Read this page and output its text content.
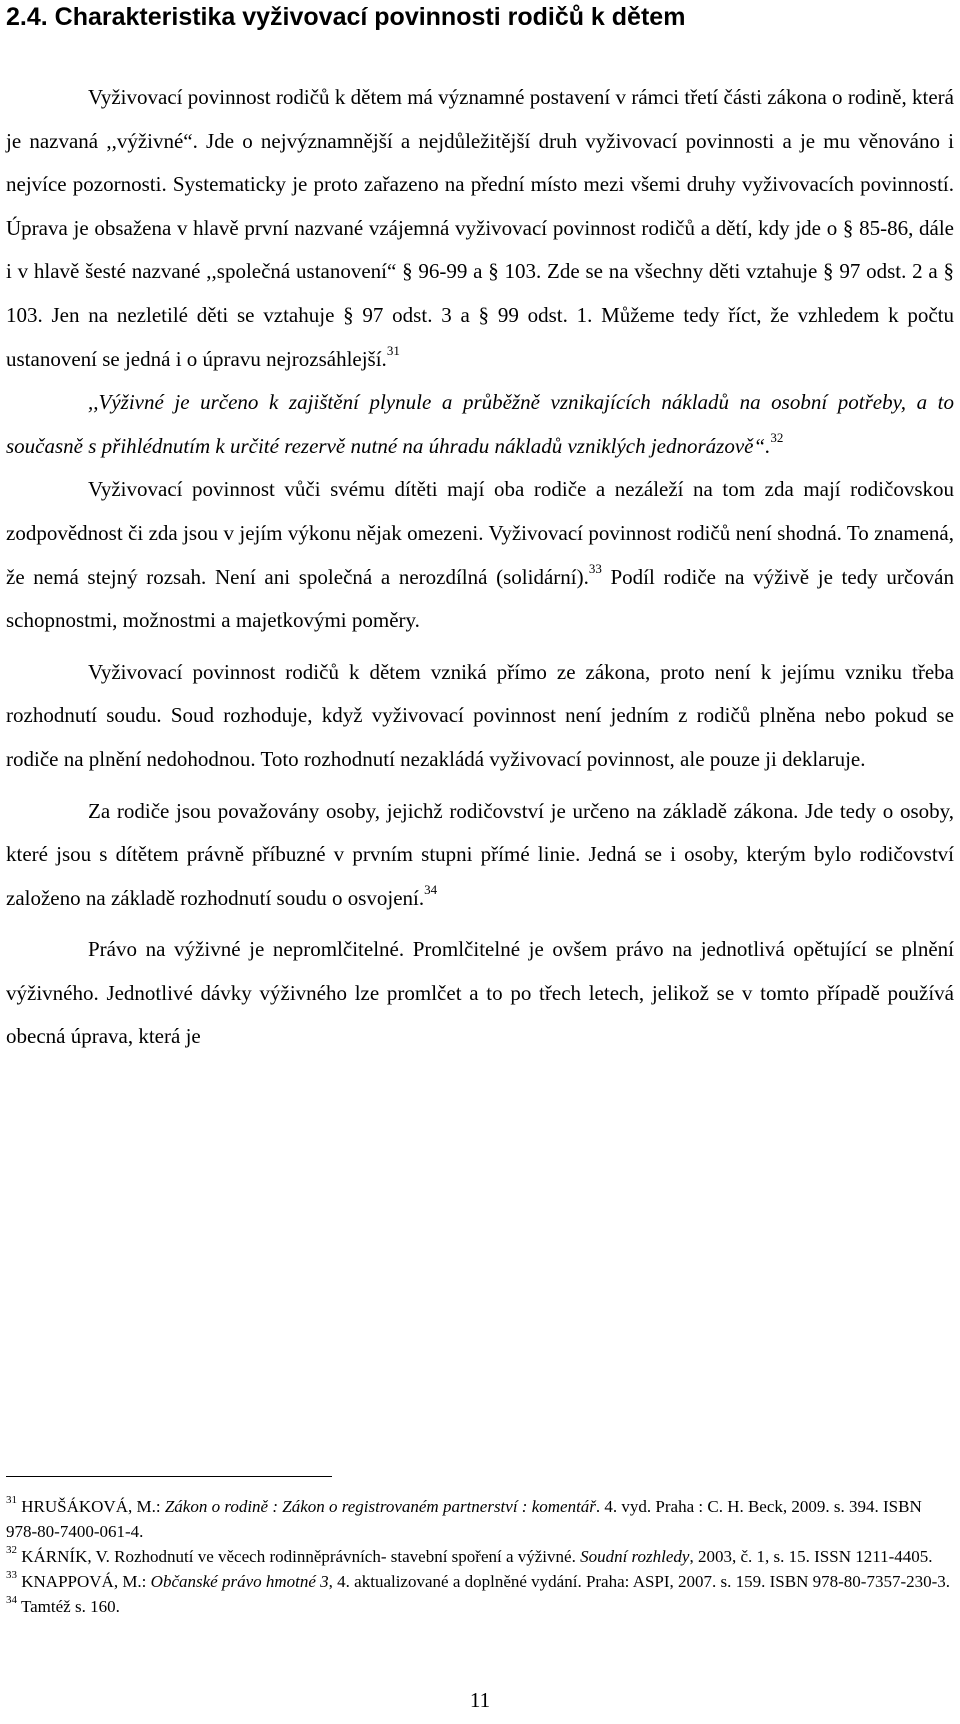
2.4. Charakteristika vyživovací povinnosti rodičů k dětem

Vyživovací povinnost rodičů k dětem má významné postavení v rámci třetí části zákona o rodině, která je nazvaná ,,výživné“. Jde o nejvýznamnější a nejdůležitější druh vyživovací povinnosti a je mu věnováno i nejvíce pozornosti. Systematicky je proto zařazeno na přední místo mezi všemi druhy vyživovacích povinností. Úprava je obsažena v hlavě první nazvané vzájemná vyživovací povinnost rodičů a dětí, kdy jde o § 85-86, dále i v hlavě šesté nazvané ,,společná ustanovení“ § 96-99 a § 103. Zde se na všechny děti vztahuje § 97 odst. 2 a § 103. Jen na nezletilé děti se vztahuje § 97 odst. 3 a § 99 odst. 1. Můžeme tedy říct, že vzhledem k počtu ustanovení se jedná i o úpravu nejrozsáhlejší.$^{31}$

,,Výživné je určeno k zajištění plynule a průběžně vznikajících nákladů na osobní potřeby, a to současně s přihlédnutím k určité rezervě nutné na úhradu nákladů vzniklých jednorázově“.$^{32}$

Vyživovací povinnost vůči svému dítěti mají oba rodiče a nezáleží na tom zda mají rodičovskou zodpovědnost či zda jsou v jejím výkonu nějak omezeni. Vyživovací povinnost rodičů není shodná. To znamená, že nemá stejný rozsah. Není ani společná a nerozdílná (solidární).$^{33}$ Podíl rodiče na výživě je tedy určován schopnostmi, možnostmi a majetkovými poměry.

Vyživovací povinnost rodičů k dětem vzniká přímo ze zákona, proto není k jejímu vzniku třeba rozhodnutí soudu. Soud rozhoduje, když vyživovací povinnost není jedním z rodičů plněna nebo pokud se rodiče na plnění nedohodnou. Toto rozhodnutí nezakládá vyživovací povinnost, ale pouze ji deklaruje.

Za rodiče jsou považovány osoby, jejichž rodičovství je určeno na základě zákona. Jde tedy o osoby, které jsou s dítětem právně příbuzné v prvním stupni přímé linie. Jedná se i osoby, kterým bylo rodičovství založeno na základě rozhodnutí soudu o osvojení.$^{34}$

Právo na výživné je nepromlčitelné. Promlčitelné je ovšem právo na jednotlivá opětující se plnění výživného. Jednotlivé dávky výživného lze promlčet a to po třech letech, jelikož se v tomto případě používá obecná úprava, která je

$^{31}$ HRUŠÁKOVÁ, M.: Zákon o rodině : Zákon o registrovaném partnerství : komentář. 4. vyd. Praha : C. H. Beck, 2009. s. 394. ISBN 978-80-7400-061-4.

$^{32}$ KÁRNÍK, V. Rozhodnutí ve věcech rodinněprávních- stavební spoření a výživné. Soudní rozhledy, 2003, č. 1, s. 15. ISSN 1211-4405.

$^{33}$ KNAPPOVÁ, M.: Občanské právo hmotné 3, 4. aktualizované a doplněné vydání. Praha: ASPI, 2007. s. 159. ISBN 978-80-7357-230-3.

$^{34}$ Tamtéž s. 160.

11
